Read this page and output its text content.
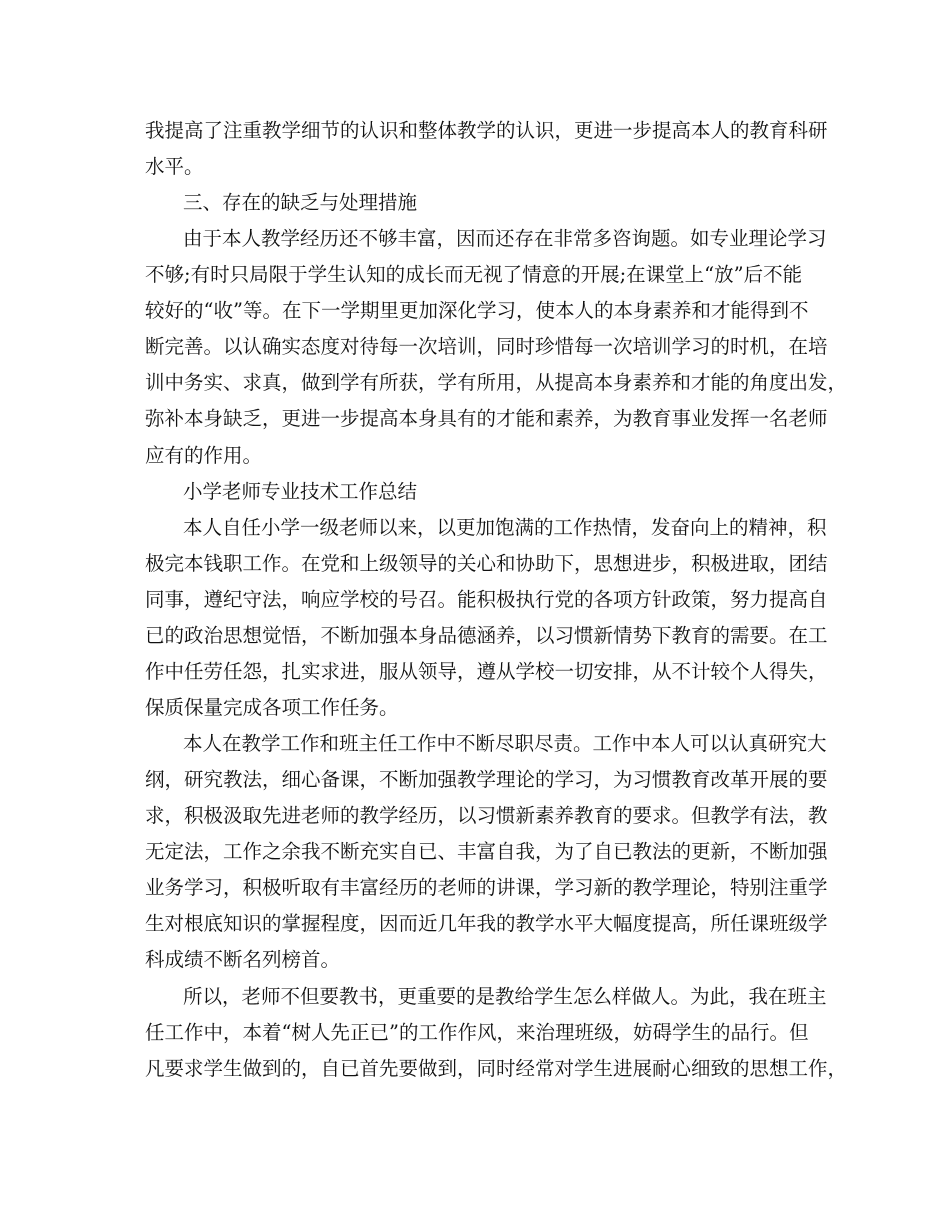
我提高了注重教学细节的认识和整体教学的认识，更进一步提高本人的教育科研

水平。

三、存在的缺乏与处理措施

由于本人教学经历还不够丰富，因而还存在非常多咨询题。如专业理论学习

不够;有时只局限于学生认知的成长而无视了情意的开展;在课堂上“放”后不能

较好的“收”等。在下一学期里更加深化学习，使本人的本身素养和才能得到不

断完善。以认确实态度对待每一次培训，同时珍惜每一次培训学习的时机，在培

训中务实、求真，做到学有所获，学有所用，从提高本身素养和才能的角度出发，

弥补本身缺乏，更进一步提高本身具有的才能和素养，为教育事业发挥一名老师

应有的作用。

小学老师专业技术工作总结

本人自任小学一级老师以来，以更加饱满的工作热情，发奋向上的精神，积

极完本钱职工作。在党和上级领导的关心和协助下，思想进步，积极进取，团结

同事，遵纪守法，响应学校的号召。能积极执行党的各项方针政策，努力提高自

已的政治思想觉悟，不断加强本身品德涵养，以习惯新情势下教育的需要。在工

作中任劳任怨，扎实求进，服从领导，遵从学校一切安排，从不计较个人得失，

保质保量完成各项工作任务。

本人在教学工作和班主任工作中不断尽职尽责。工作中本人可以认真研究大

纲，研究教法，细心备课，不断加强教学理论的学习，为习惯教育改革开展的要

求，积极汲取先进老师的教学经历，以习惯新素养教育的要求。但教学有法，教

无定法，工作之余我不断充实自已、丰富自我，为了自已教法的更新，不断加强

业务学习，积极听取有丰富经历的老师的讲课，学习新的教学理论，特别注重学

生对根底知识的掌握程度，因而近几年我的教学水平大幅度提高，所任课班级学

科成绩不断名列榜首。

所以，老师不但要教书，更重要的是教给学生怎么样做人。为此，我在班主

任工作中，本着“树人先正已”的工作作风，来治理班级，妨碍学生的品行。但

凡要求学生做到的，自已首先要做到，同时经常对学生进展耐心细致的思想工作，
